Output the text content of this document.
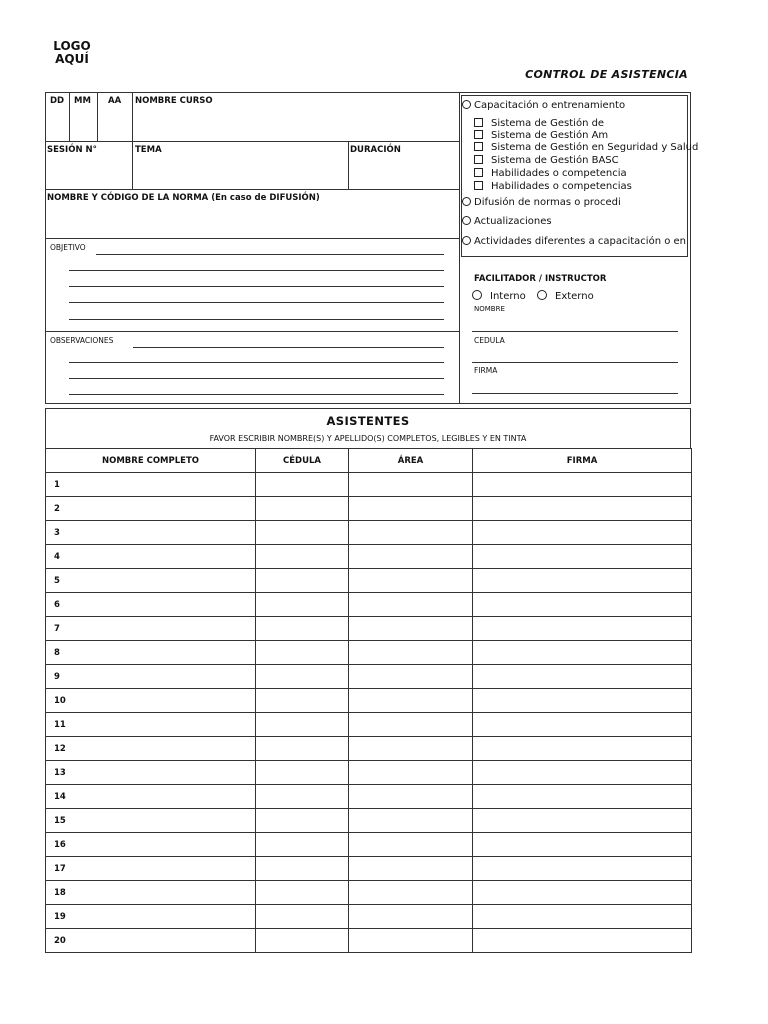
LOGO
AQUÍ
CONTROL DE ASISTENCIA
DD MM AA NOMBRE CURSO
SESIÓN N°	TEMA	DURACIÓN
NOMBRE Y CÓDIGO DE LA NORMA (En caso de DIFUSIÓN)
OBJETIVO
OBSERVACIONES
Capacitación o entrenamiento
Sistema de Gestión de
Sistema de Gestión Am
Sistema de Gestión en Seguridad y Salud
Sistema de Gestión BASC
Habilidades o competencia
Habilidades o competencias
Difusión de normas o procedi
Actualizaciones
Actividades diferentes a capacitación o en
FACILITADOR / INSTRUCTOR
Interno	Externo
NOMBRE
CEDULA
FIRMA
ASISTENTES
FAVOR ESCRIBIR NOMBRE(S) Y APELLIDO(S) COMPLETOS, LEGIBLES Y EN TINTA
NOMBRE COMPLETO	CÉDULA	ÁREA	FIRMA
1			
2			
3			
4			
5			
6			
7			
8			
9			
10			
11			
12			
13			
14			
15			
16			
17			
18			
19			
20			
